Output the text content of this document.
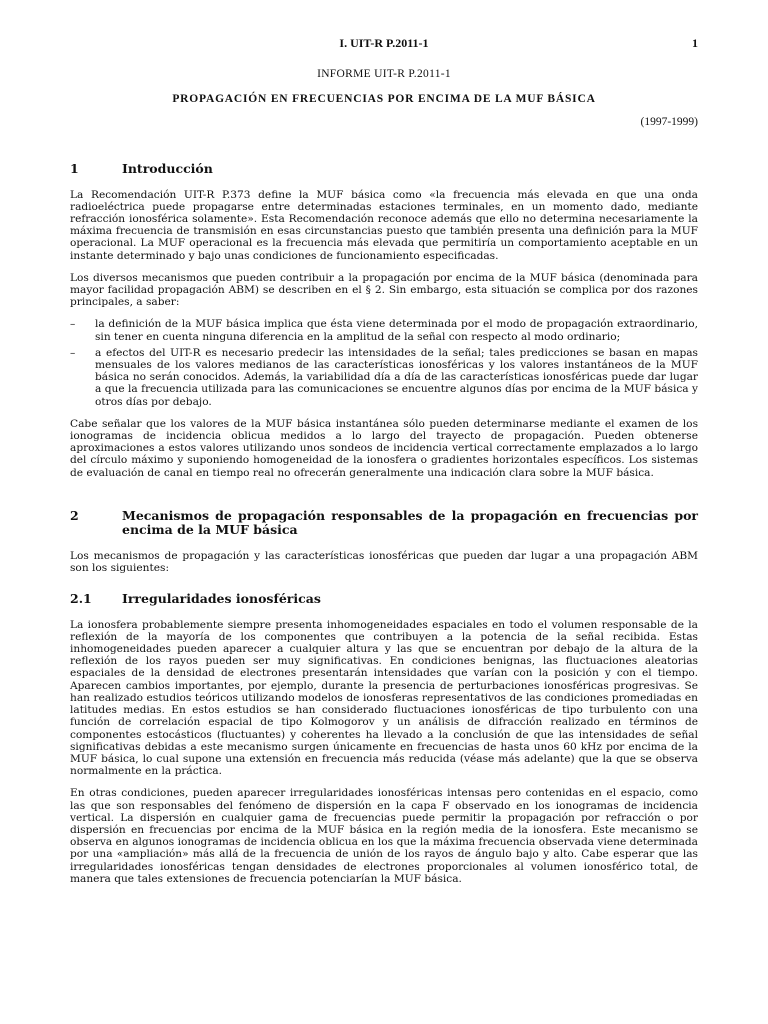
I. UIT-R P.2011-1	1
INFORME UIT-R P.2011-1
PROPAGACIÓN EN FRECUENCIAS POR ENCIMA DE LA MUF BÁSICA
(1997-1999)
1	Introducción

La Recomendación UIT-R P.373 define la MUF básica como «la frecuencia más elevada en que una onda radioeléctrica puede propagarse entre determinadas estaciones terminales, en un momento dado, mediante refracción ionosférica solamente». Esta Recomendación reconoce además que ello no determina necesariamente la máxima frecuencia de transmisión en esas circunstancias puesto que también presenta una definición para la MUF operacional. La MUF operacional es la frecuencia más elevada que permitiría un comportamiento aceptable en un instante determinado y bajo unas condiciones de funcionamiento especificadas.

Los diversos mecanismos que pueden contribuir a la propagación por encima de la MUF básica (denominada para mayor facilidad propagación ABM) se describen en el § 2. Sin embargo, esta situación se complica por dos razones principales, a saber:

–	la definición de la MUF básica implica que ésta viene determinada por el modo de propagación extraordinario, sin tener en cuenta ninguna diferencia en la amplitud de la señal con respecto al modo ordinario;
–	a efectos del UIT-R es necesario predecir las intensidades de la señal; tales predicciones se basan en mapas mensuales de los valores medianos de las características ionosféricas y los valores instantáneos de la MUF básica no serán conocidos. Además, la variabilidad día a día de las características ionosféricas puede dar lugar a que la frecuencia utilizada para las comunicaciones se encuentre algunos días por encima de la MUF básica y otros días por debajo.

Cabe señalar que los valores de la MUF básica instantánea sólo pueden determinarse mediante el examen de los ionogramas de incidencia oblicua medidos a lo largo del trayecto de propagación. Pueden obtenerse aproximaciones a estos valores utilizando unos sondeos de incidencia vertical correctamente emplazados a lo largo del círculo máximo y suponiendo homogeneidad de la ionosfera o gradientes horizontales específicos. Los sistemas de evaluación de canal en tiempo real no ofrecerán generalmente una indicación clara sobre la MUF básica.

2	Mecanismos de propagación responsables de la propagación en frecuencias por encima de la MUF básica

Los mecanismos de propagación y las características ionosféricas que pueden dar lugar a una propagación ABM son los siguientes:

2.1	Irregularidades ionosféricas

La ionosfera probablemente siempre presenta inhomogeneidades espaciales en todo el volumen responsable de la reflexión de la mayoría de los componentes que contribuyen a la potencia de la señal recibida. Estas inhomogeneidades pueden aparecer a cualquier altura y las que se encuentran por debajo de la altura de la reflexión de los rayos pueden ser muy significativas. En condiciones benignas, las fluctuaciones aleatorias espaciales de la densidad de electrones presentarán intensidades que varían con la posición y con el tiempo. Aparecen cambios importantes, por ejemplo, durante la presencia de perturbaciones ionosféricas progresivas. Se han realizado estudios teóricos utilizando modelos de ionosferas representativos de las condiciones promediadas en latitudes medias. En estos estudios se han considerado fluctuaciones ionosféricas de tipo turbulento con una función de correlación espacial de tipo Kolmogorov y un análisis de difracción realizado en términos de componentes estocásticos (fluctuantes) y coherentes ha llevado a la conclusión de que las intensidades de señal significativas debidas a este mecanismo surgen únicamente en frecuencias de hasta unos 60 kHz por encima de la MUF básica, lo cual supone una extensión en frecuencia más reducida (véase más adelante) que la que se observa normalmente en la práctica.

En otras condiciones, pueden aparecer irregularidades ionosféricas intensas pero contenidas en el espacio, como las que son responsables del fenómeno de dispersión en la capa F observado en los ionogramas de incidencia vertical. La dispersión en cualquier gama de frecuencias puede permitir la propagación por refracción o por dispersión en frecuencias por encima de la MUF básica en la región media de la ionosfera. Este mecanismo se observa en algunos ionogramas de incidencia oblicua en los que la máxima frecuencia observada viene determinada por una «ampliación» más allá de la frecuencia de unión de los rayos de ángulo bajo y alto. Cabe esperar que las irregularidades ionosféricas tengan densidades de electrones proporcionales al volumen ionosférico total, de manera que tales extensiones de frecuencia potenciarían la MUF básica.
